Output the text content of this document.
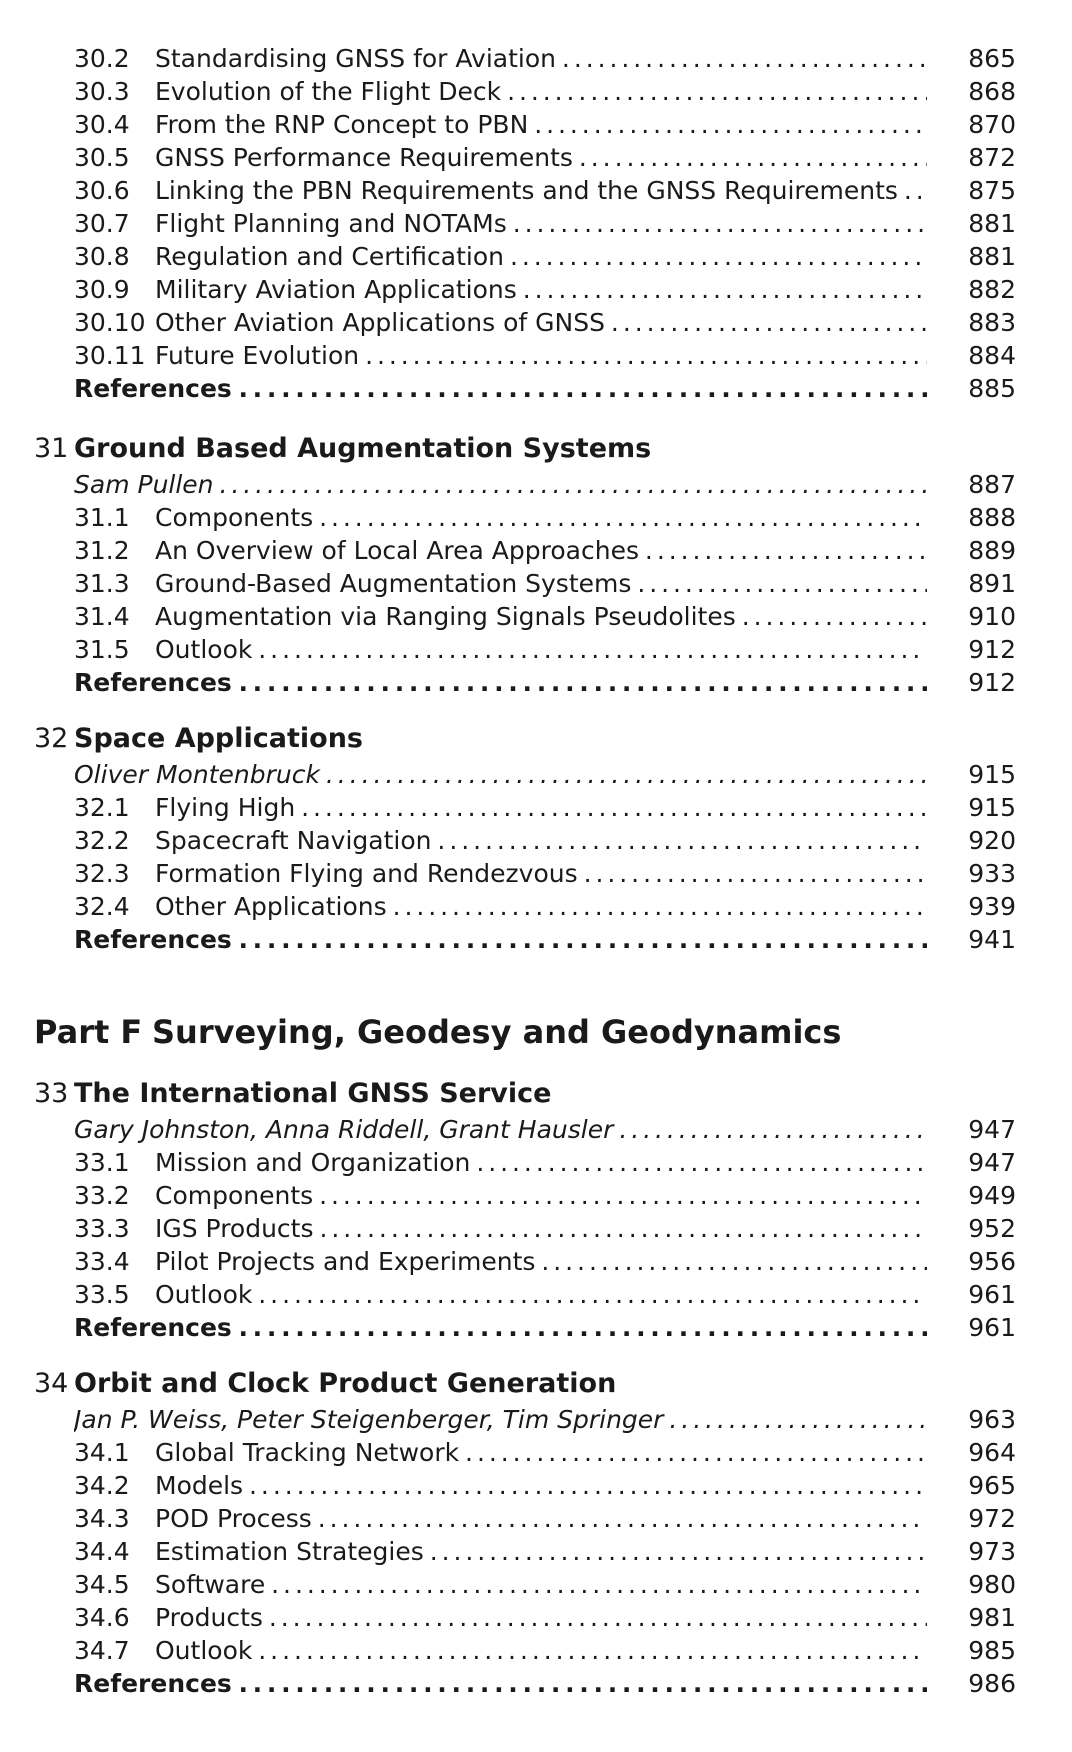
30.2 Standardising GNSS for Aviation . . .	865
30.3 Evolution of the Flight Deck . . .	868
30.4 From the RNP Concept to PBN . . .	870
30.5 GNSS Performance Requirements . . .	872
30.6 Linking the PBN Requirements and the GNSS Requirements . . .	875
30.7 Flight Planning and NOTAMs . . .	881
30.8 Regulation and Certification . . .	881
30.9 Military Aviation Applications . . .	882
30.10 Other Aviation Applications of GNSS . . .	883
30.11 Future Evolution . . .	884
References . . .	885
31 Ground Based Augmentation Systems
Sam Pullen . . .	887
31.1 Components . . .	888
31.2 An Overview of Local Area Approaches . . .	889
31.3 Ground-Based Augmentation Systems . . .	891
31.4 Augmentation via Ranging Signals Pseudolites . . .	910
31.5 Outlook . . .	912
References . . .	912
32 Space Applications
Oliver Montenbruck . . .	915
32.1 Flying High . . .	915
32.2 Spacecraft Navigation . . .	920
32.3 Formation Flying and Rendezvous . . .	933
32.4 Other Applications . . .	939
References . . .	941
Part F Surveying, Geodesy and Geodynamics
33 The International GNSS Service
Gary Johnston, Anna Riddell, Grant Hausler . . .	947
33.1 Mission and Organization . . .	947
33.2 Components . . .	949
33.3 IGS Products . . .	952
33.4 Pilot Projects and Experiments . . .	956
33.5 Outlook . . .	961
References . . .	961
34 Orbit and Clock Product Generation
Jan P. Weiss, Peter Steigenberger, Tim Springer . . .	963
34.1 Global Tracking Network . . .	964
34.2 Models . . .	965
34.3 POD Process . . .	972
34.4 Estimation Strategies . . .	973
34.5 Software . . .	980
34.6 Products . . .	981
34.7 Outlook . . .	985
References . . .	986
